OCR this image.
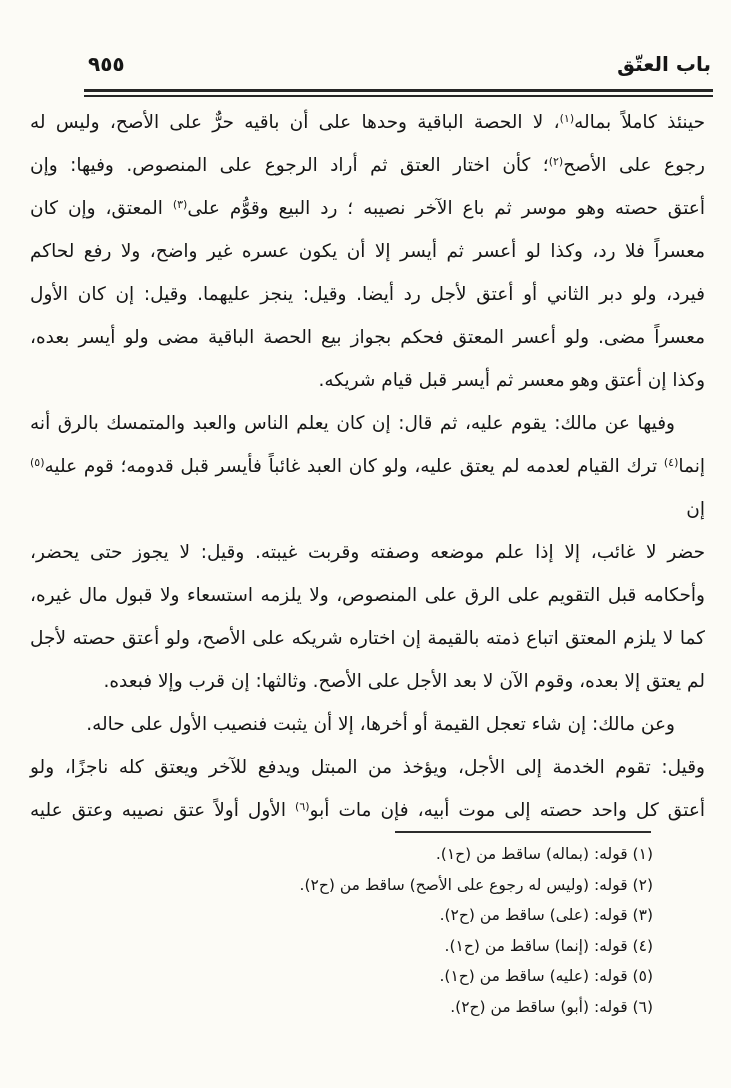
٩٥٥	باب العتّق
حينئذ كاملاً بماله$^{(١)}$، لا الحصة الباقية وحدها على أن باقيه حرٌّ على الأصح، وليس له
رجوع على الأصح$^{(٢)}$؛ كأن اختار العتق ثم أراد الرجوع على المنصوص. وفيها: وإن
أعتق حصته وهو موسر ثم باع الآخر نصيبه ؛ رد البيع وقوُّم على$^{(٣)}$ المعتق، وإن كان
معسراً فلا رد، وكذا لو أعسر ثم أيسر إلا أن يكون عسره غير واضح، ولا رفع لحاكم
فيرد، ولو دبر الثاني أو أعتق لأجل رد أيضا. وقيل: ينجز عليهما. وقيل: إن كان الأول
معسراً مضى. ولو أعسر المعتق فحكم بجواز بيع الحصة الباقية مضى ولو أيسر بعده،
وكذا إن أعتق وهو معسر ثم أيسر قبل قيام شريكه.
وفيها عن مالك: يقوم عليه، ثم قال: إن كان يعلم الناس والعبد والمتمسك بالرق أنه
إنما$^{(٤)}$ ترك القيام لعدمه لم يعتق عليه، ولو كان العبد غائباً فأيسر قبل قدومه؛ قوم عليه$^{(٥)}$ إن
حضر لا غائب، إلا إذا علم موضعه وصفته وقربت غيبته. وقيل: لا يجوز حتى يحضر،
وأحكامه قبل التقويم على الرق على المنصوص، ولا يلزمه استسعاء ولا قبول مال غيره،
كما لا يلزم المعتق اتباع ذمته بالقيمة إن اختاره شريكه على الأصح، ولو أعتق حصته لأجل
لم يعتق إلا بعده، وقوم الآن لا بعد الأجل على الأصح. وثالثها: إن قرب وإلا فبعده.
وعن مالك: إن شاء تعجل القيمة أو أخرها، إلا أن يثبت فنصيب الأول على حاله.
وقيل: تقوم الخدمة إلى الأجل، ويؤخذ من المبتل ويدفع للآخر ويعتق كله ناجزًا، ولو
أعتق كل واحد حصته إلى موت أبيه، فإن مات أبو$^{(٦)}$ الأول أولاً عتق نصيبه وعتق عليه
(١) قوله: (بماله) ساقط من (ح١).
(٢) قوله: (وليس له رجوع على الأصح) ساقط من (ح٢).
(٣) قوله: (على) ساقط من (ح٢).
(٤) قوله: (إنما) ساقط من (ح١).
(٥) قوله: (عليه) ساقط من (ح١).
(٦) قوله: (أبو) ساقط من (ح٢).
